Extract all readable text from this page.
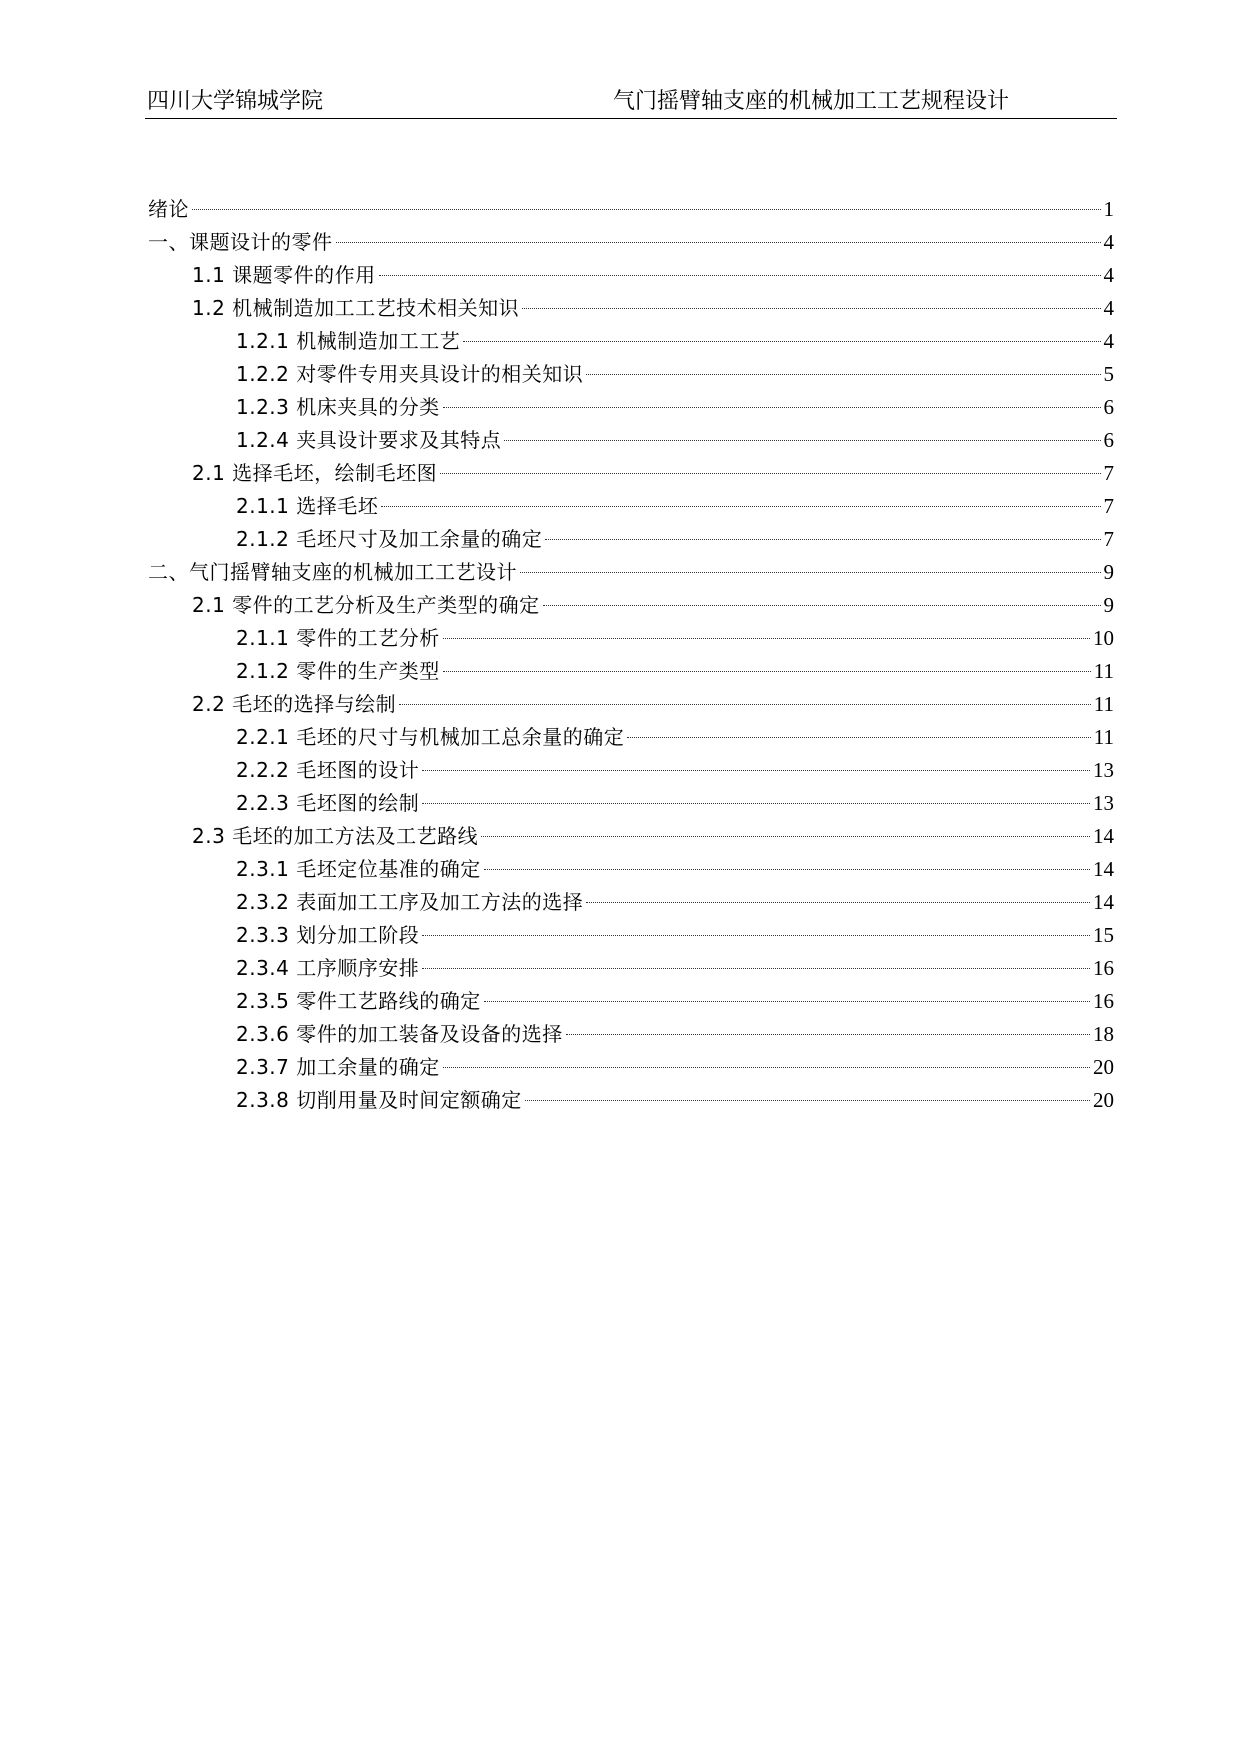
四川大学锦城学院	气门摇臂轴支座的机械加工工艺规程设计
绪论	1
一、课题设计的零件	4
1.1 课题零件的作用	4
1.2 机械制造加工工艺技术相关知识	4
1.2.1 机械制造加工工艺	4
1.2.2 对零件专用夹具设计的相关知识	5
1.2.3 机床夹具的分类	6
1.2.4 夹具设计要求及其特点	6
2.1 选择毛坯，绘制毛坯图	7
2.1.1 选择毛坯	7
2.1.2 毛坯尺寸及加工余量的确定	7
二、气门摇臂轴支座的机械加工工艺设计	9
2.1 零件的工艺分析及生产类型的确定	9
2.1.1 零件的工艺分析	10
2.1.2 零件的生产类型	11
2.2 毛坯的选择与绘制	11
2.2.1 毛坯的尺寸与机械加工总余量的确定	11
2.2.2 毛坯图的设计	13
2.2.3 毛坯图的绘制	13
2.3 毛坯的加工方法及工艺路线	14
2.3.1 毛坯定位基准的确定	14
2.3.2 表面加工工序及加工方法的选择	14
2.3.3 划分加工阶段	15
2.3.4 工序顺序安排	16
2.3.5 零件工艺路线的确定	16
2.3.6 零件的加工装备及设备的选择	18
2.3.7 加工余量的确定	20
2.3.8 切削用量及时间定额确定	20
